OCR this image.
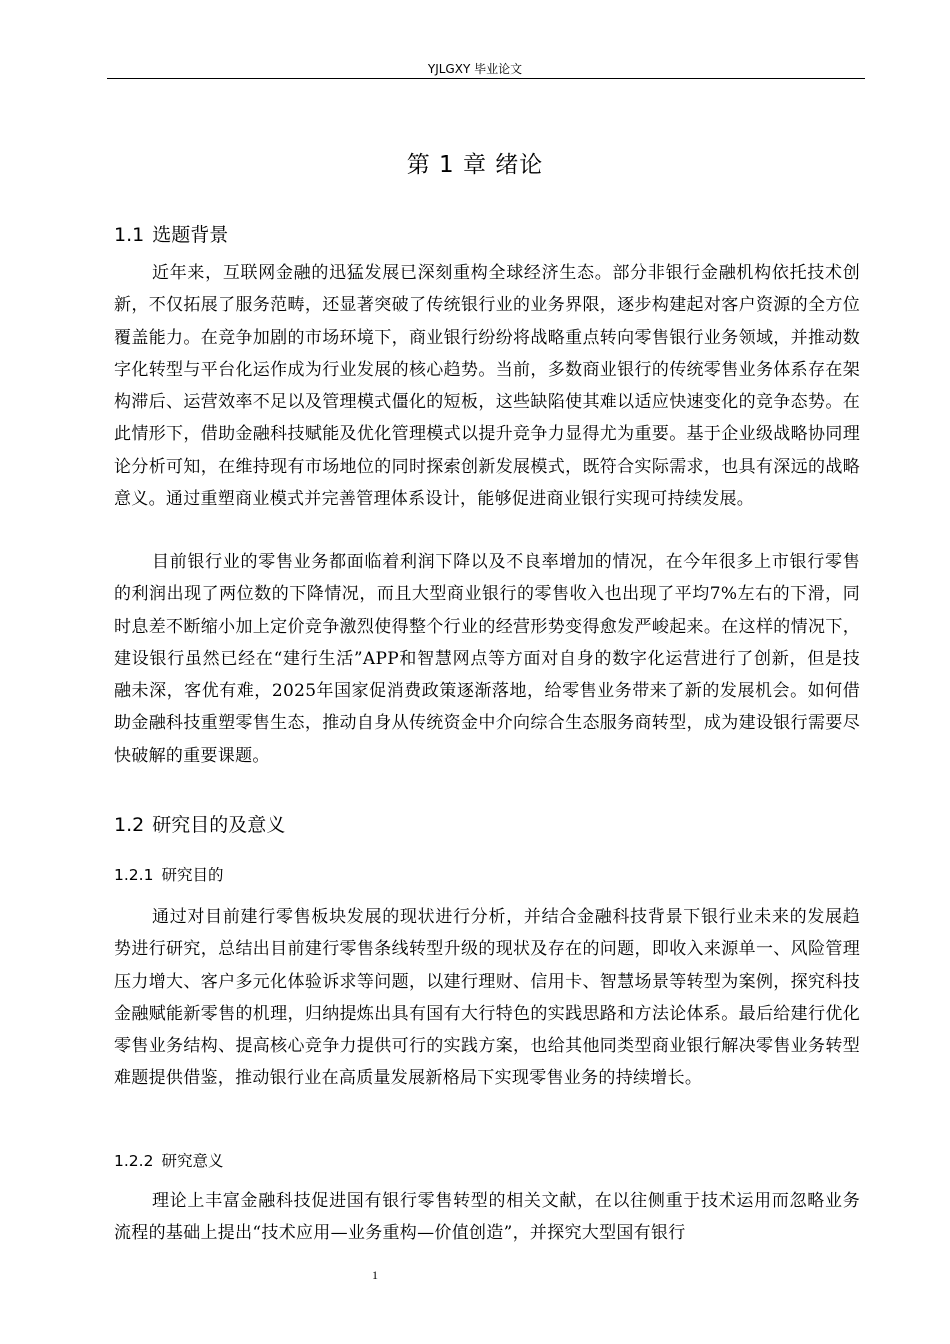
YJLGXY 毕业论文
第 1 章 绪论
1.1 选题背景

近年来，互联网金融的迅猛发展已深刻重构全球经济生态。部分非银行金融机构依托技术创新，不仅拓展了服务范畴，还显著突破了传统银行业的业务界限，逐步构建起对客户资源的全方位覆盖能力。在竞争加剧的市场环境下，商业银行纷纷将战略重点转向零售银行业务领域，并推动数字化转型与平台化运作成为行业发展的核心趋势。当前，多数商业银行的传统零售业务体系存在架构滞后、运营效率不足以及管理模式僵化的短板，这些缺陷使其难以适应快速变化的竞争态势。在此情形下，借助金融科技赋能及优化管理模式以提升竞争力显得尤为重要。基于企业级战略协同理论分析可知，在维持现有市场地位的同时探索创新发展模式，既符合实际需求，也具有深远的战略意义。通过重塑商业模式并完善管理体系设计，能够促进商业银行实现可持续发展。

目前银行业的零售业务都面临着利润下降以及不良率增加的情况，在今年很多上市银行零售的利润出现了两位数的下降情况，而且大型商业银行的零售收入也出现了平均7%左右的下滑，同时息差不断缩小加上定价竞争激烈使得整个行业的经营形势变得愈发严峻起来。在这样的情况下，建设银行虽然已经在“建行生活”APP和智慧网点等方面对自身的数字化运营进行了创新，但是技融未深，客优有难，2025年国家促消费政策逐渐落地，给零售业务带来了新的发展机会。如何借助金融科技重塑零售生态，推动自身从传统资金中介向综合生态服务商转型，成为建设银行需要尽快破解的重要课题。

1.2 研究目的及意义
1.2.1 研究目的

通过对目前建行零售板块发展的现状进行分析，并结合金融科技背景下银行业未来的发展趋势进行研究，总结出目前建行零售条线转型升级的现状及存在的问题，即收入来源单一、风险管理压力增大、客户多元化体验诉求等问题，以建行理财、信用卡、智慧场景等转型为案例，探究科技金融赋能新零售的机理，归纳提炼出具有国有大行特色的实践思路和方法论体系。最后给建行优化零售业务结构、提高核心竞争力提供可行的实践方案，也给其他同类型商业银行解决零售业务转型难题提供借鉴，推动银行业在高质量发展新格局下实现零售业务的持续增长。

1.2.2 研究意义

理论上丰富金融科技促进国有银行零售转型的相关文献，在以往侧重于技术运用而忽略业务流程的基础上提出“技术应用—业务重构—价值创造”，并探究大型国有银行

1
